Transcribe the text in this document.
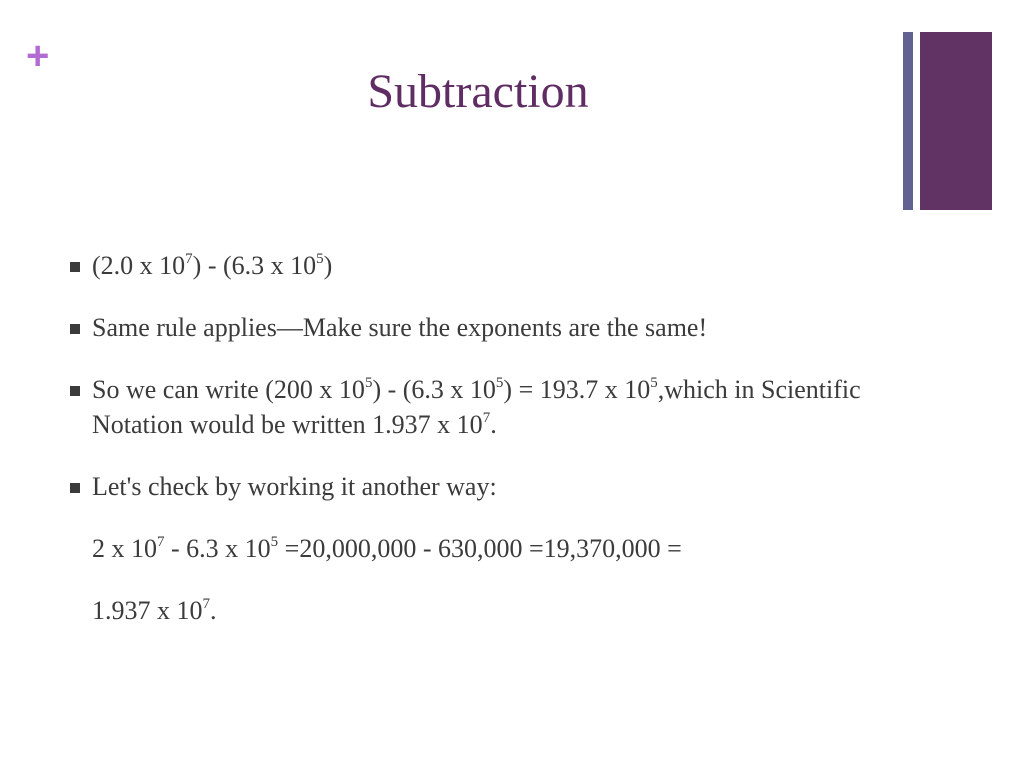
+
Subtraction
(2.0 x $10^7) - (6.3$ x $10^5$)
Same rule applies—Make sure the exponents are the same!
So we can write (200 x $10^5) - (6.3$ x $10^5) = 193.7$ x $10^5,which$ in Scientific Notation would be written 1.937 x $10^7$.
Let's check by working it another way:
2 x $10^7 - 6.3$ x $10^5 =20,000,000 - 630,000 =19,370,000$ =
1.937 x $10^7$.
